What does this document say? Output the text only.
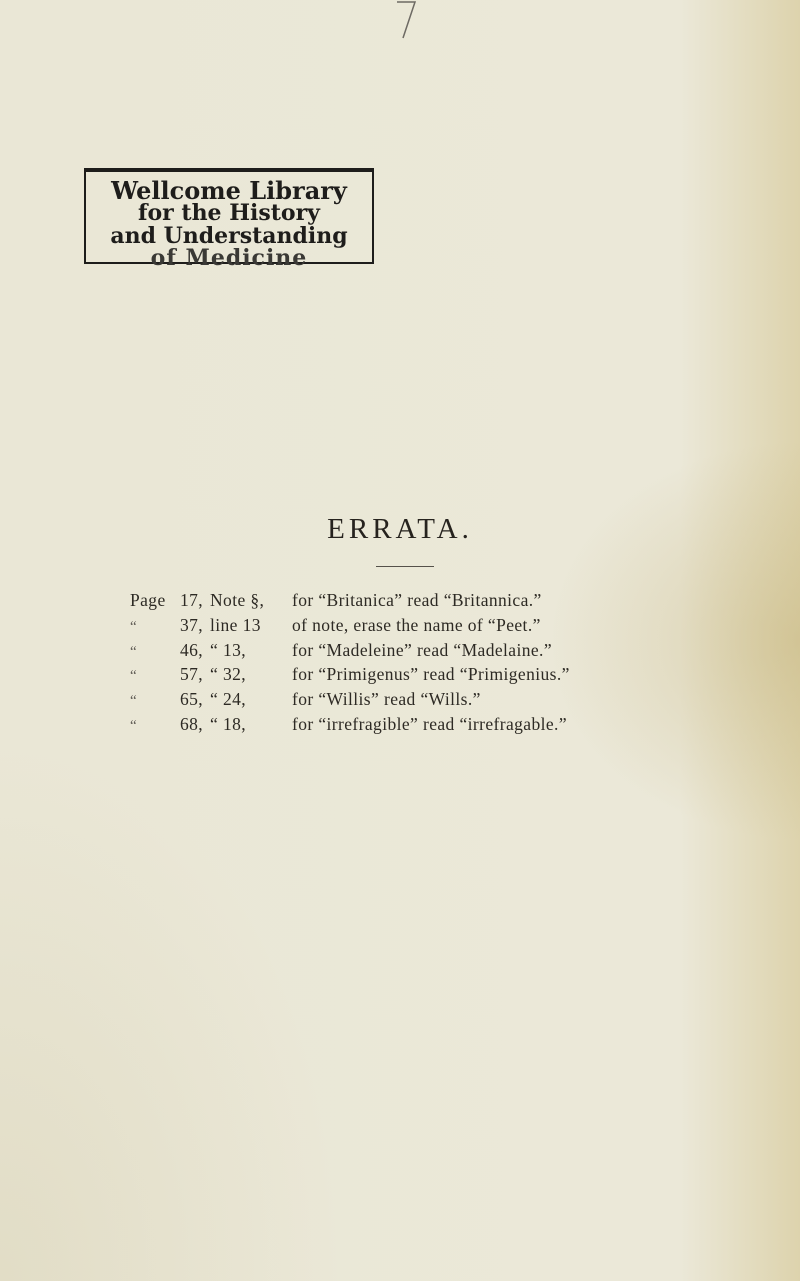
Wellcome Library
for the History
and Understanding
of Medicine
ERRATA.
Page 17, Note §,	for “Britanica” read “Britannica.”
“	37, line 13	of note, erase the name of “Peet.”
“	46, “ 13,	for “Madeleine” read “Madelaine.”
“	57, “ 32,	for “Primigenus” read “Primigenius.”
“	65, “ 24,	for “Willis” read “Wills.”
“	68, “ 18,	for “irrefragible” read “irrefragable.”
